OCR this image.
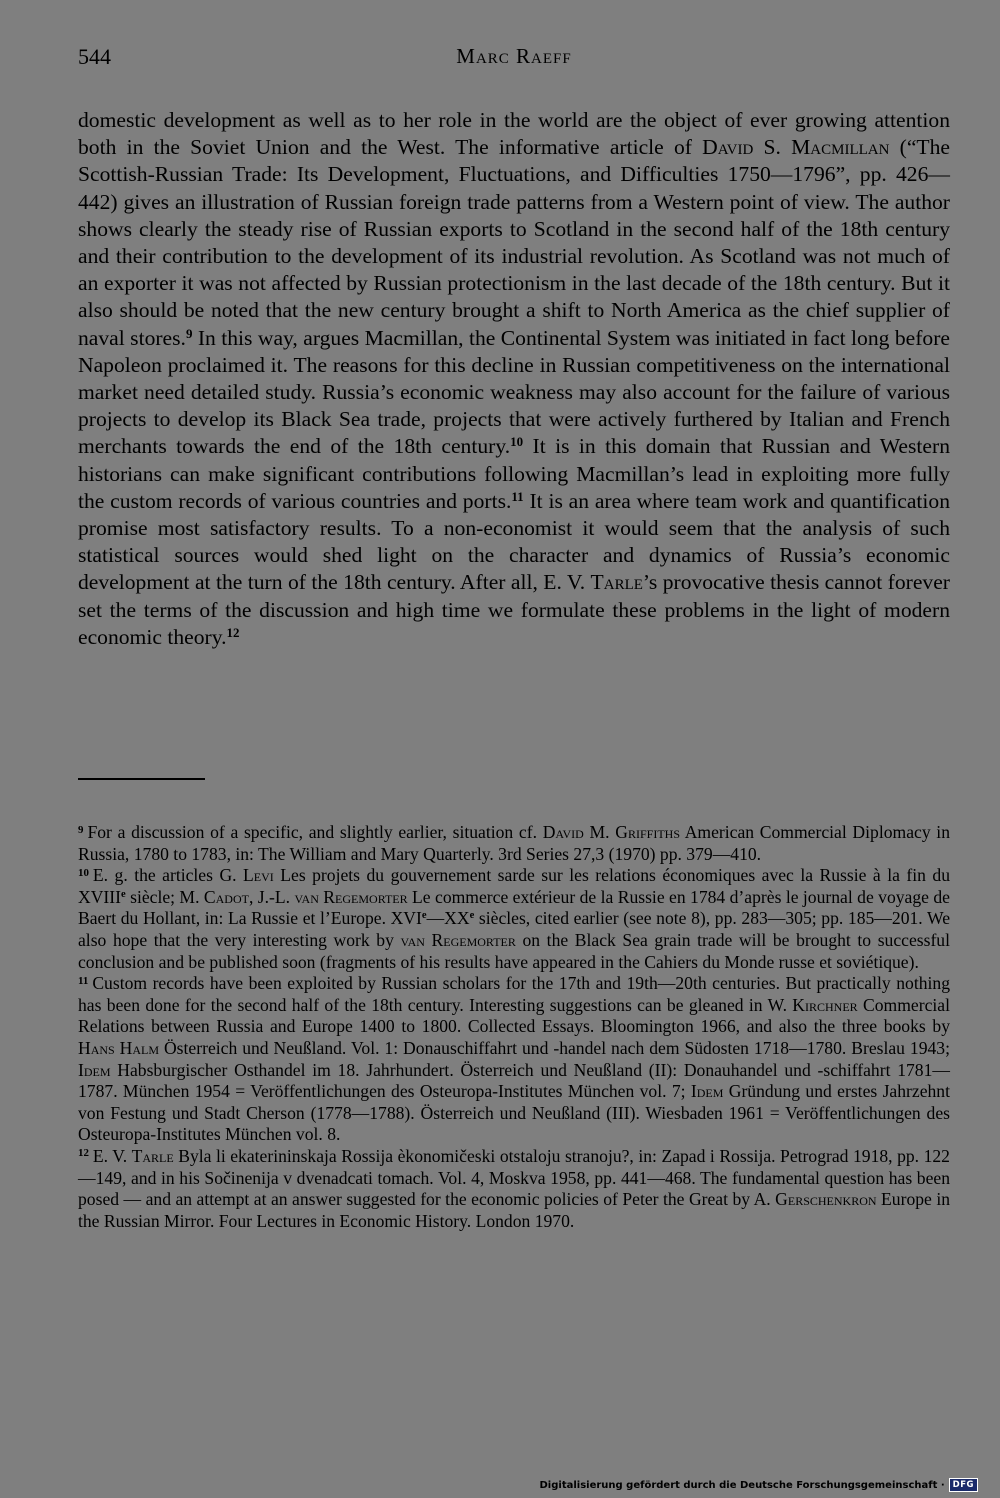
544	Marc Raeff

domestic development as well as to her role in the world are the object of ever growing attention both in the Soviet Union and the West. The informative article of David S. Macmillan (“The Scottish-Russian Trade: Its Development, Fluctuations, and Difficulties 1750—1796”, pp. 426—442) gives an illustration of Russian foreign trade patterns from a Western point of view. The author shows clearly the steady rise of Russian exports to Scotland in the second half of the 18th century and their contribution to the development of its industrial revolution. As Scotland was not much of an exporter it was not affected by Russian protectionism in the last decade of the 18th century. But it also should be noted that the new century brought a shift to North America as the chief supplier of naval stores.$^9$ In this way, argues Macmillan, the Continental System was initiated in fact long before Napoleon proclaimed it. The reasons for this decline in Russian competitiveness on the international market need detailed study. Russia’s economic weakness may also account for the failure of various projects to develop its Black Sea trade, projects that were actively furthered by Italian and French merchants towards the end of the 18th century.$^{10}$ It is in this domain that Russian and Western historians can make significant contributions following Macmillan’s lead in exploiting more fully the custom records of various countries and ports.$^{11}$ It is an area where team work and quantification promise most satisfactory results. To a non-economist it would seem that the analysis of such statistical sources would shed light on the character and dynamics of Russia’s economic development at the turn of the 18th century. After all, E. V. Tarle’s provocative thesis cannot forever set the terms of the discussion and high time we formulate these problems in the light of modern economic theory.$^{12}$

$^9$ For a discussion of a specific, and slightly earlier, situation cf. David M. Griffiths American Commercial Diplomacy in Russia, 1780 to 1783, in: The William and Mary Quarterly. 3rd Series 27,3 (1970) pp. 379—410.

$^{10}$ E. g. the articles G. Levi Les projets du gouvernement sarde sur les relations économiques avec la Russie à la fin du XVIIIe siècle; M. Cadot, J.-L. van Regemorter Le commerce extérieur de la Russie en 1784 d’après le journal de voyage de Baert du Hollant, in: La Russie et l’Europe. XVIe—XXe siècles, cited earlier (see note 8), pp. 283—305; pp. 185—201. We also hope that the very interesting work by van Regemorter on the Black Sea grain trade will be brought to successful conclusion and be published soon (fragments of his results have appeared in the Cahiers du Monde russe et soviétique).

$^{11}$ Custom records have been exploited by Russian scholars for the 17th and 19th—20th centuries. But practically nothing has been done for the second half of the 18th century. Interesting suggestions can be gleaned in W. Kirchner Commercial Relations between Russia and Europe 1400 to 1800. Collected Essays. Bloomington 1966, and also the three books by Hans Halm Österreich und Neußland. Vol. 1: Donauschiffahrt und -handel nach dem Südosten 1718—1780. Breslau 1943; Idem Habsburgischer Osthandel im 18. Jahrhundert. Österreich und Neußland (II): Donauhandel und -schiffahrt 1781—1787. München 1954 = Veröffentlichungen des Osteuropa-Institutes München vol. 7; Idem Gründung und erstes Jahrzehnt von Festung und Stadt Cherson (1778—1788). Österreich und Neußland (III). Wiesbaden 1961 = Veröffentlichungen des Osteuropa-Institutes München vol. 8.

$^{12}$ E. V. Tarle Byla li ekaterininskaja Rossija èkonomičeski otstaloju stranoju?, in: Zapad i Rossija. Petrograd 1918, pp. 122—149, and in his Sočinenija v dvenadcati tomach. Vol. 4, Moskva 1958, pp. 441—468. The fundamental question has been posed — and an attempt at an answer suggested for the economic policies of Peter the Great by A. Gerschenkron Europe in the Russian Mirror. Four Lectures in Economic History. London 1970.

Digitalisierung gefördert durch die Deutsche Forschungsgemeinschaft · DFG
